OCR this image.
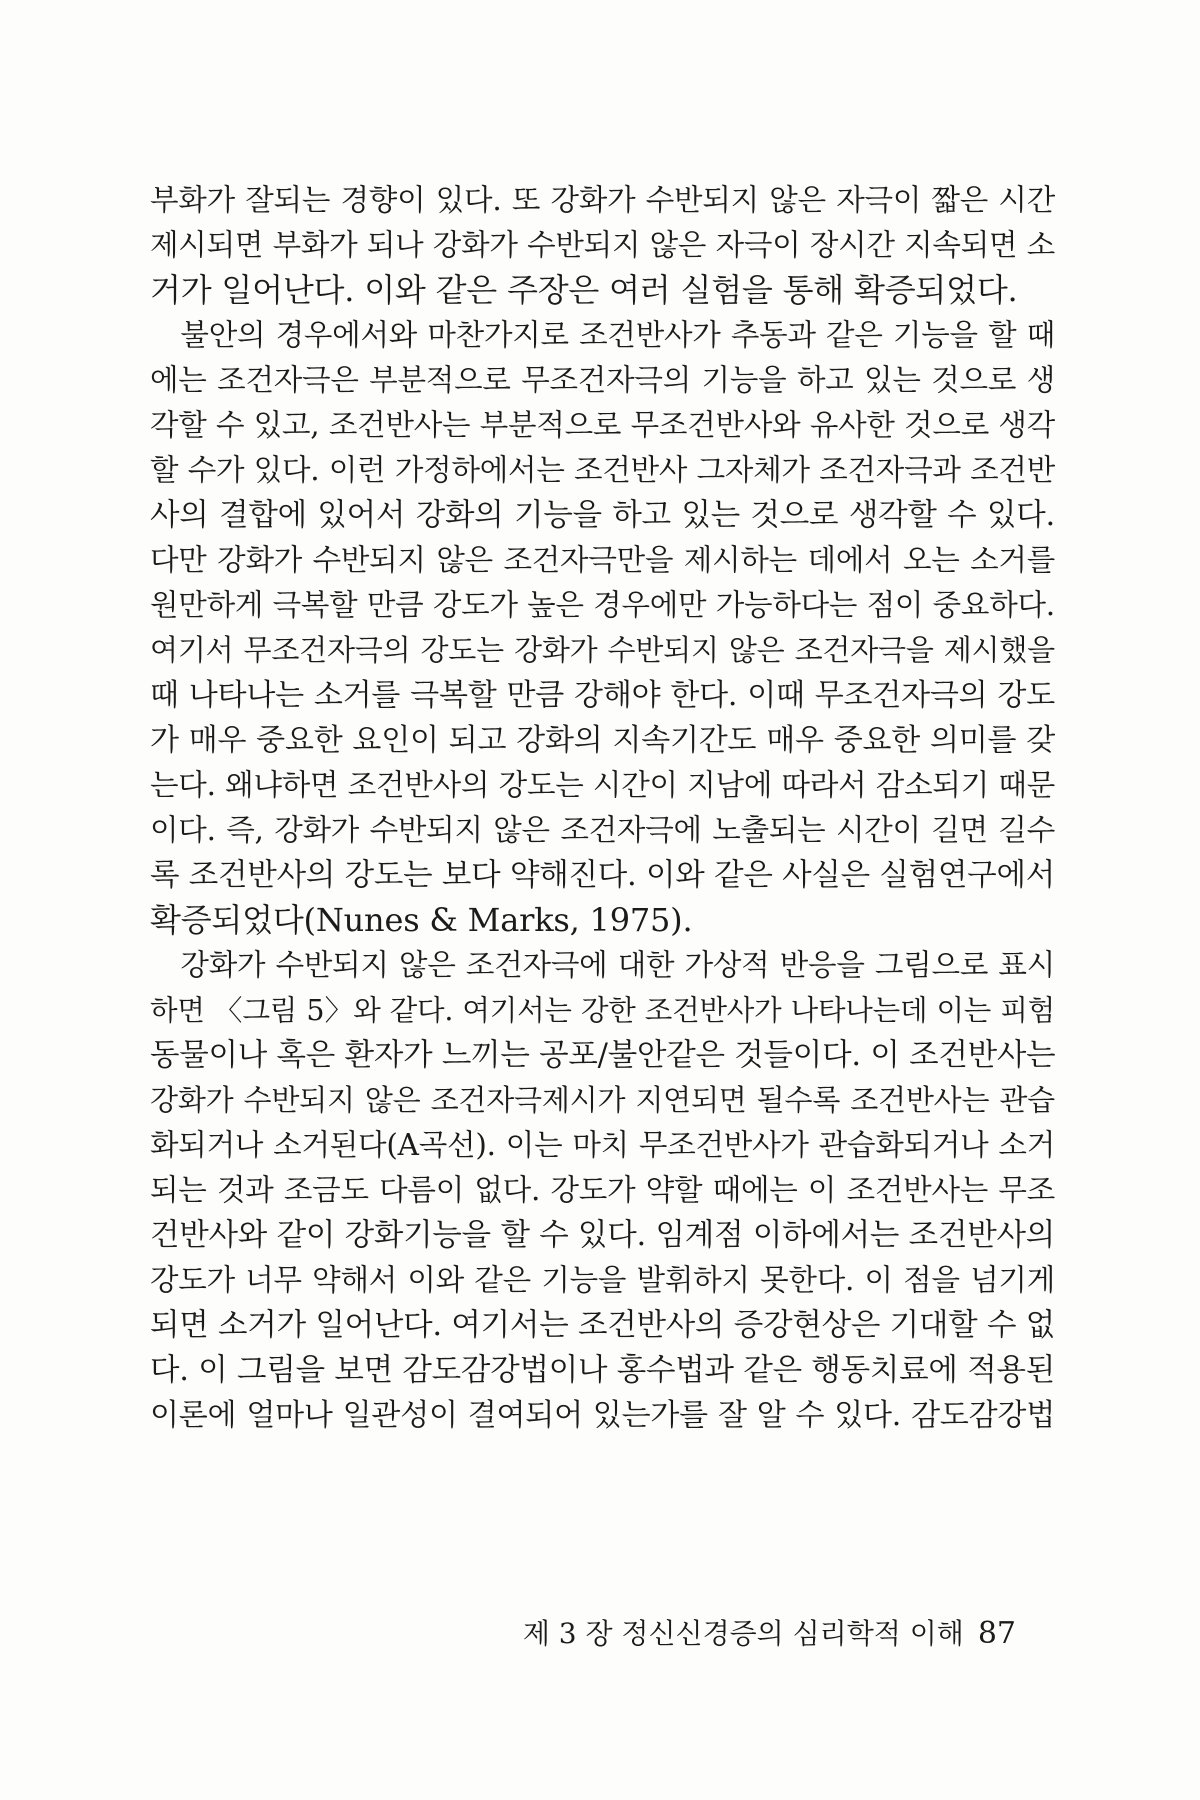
부화가 잘되는 경향이 있다. 또 강화가 수반되지 않은 자극이 짧은 시간
제시되면 부화가 되나 강화가 수반되지 않은 자극이 장시간 지속되면 소
거가 일어난다. 이와 같은 주장은 여러 실험을 통해 확증되었다.
　불안의 경우에서와 마찬가지로 조건반사가 추동과 같은 기능을 할 때
에는 조건자극은 부분적으로 무조건자극의 기능을 하고 있는 것으로 생
각할 수 있고, 조건반사는 부분적으로 무조건반사와 유사한 것으로 생각
할 수가 있다. 이런 가정하에서는 조건반사 그자체가 조건자극과 조건반
사의 결합에 있어서 강화의 기능을 하고 있는 것으로 생각할 수 있다.
다만 강화가 수반되지 않은 조건자극만을 제시하는 데에서 오는 소거를
원만하게 극복할 만큼 강도가 높은 경우에만 가능하다는 점이 중요하다.
여기서 무조건자극의 강도는 강화가 수반되지 않은 조건자극을 제시했을
때 나타나는 소거를 극복할 만큼 강해야 한다. 이때 무조건자극의 강도
가 매우 중요한 요인이 되고 강화의 지속기간도 매우 중요한 의미를 갖
는다. 왜냐하면 조건반사의 강도는 시간이 지남에 따라서 감소되기 때문
이다. 즉, 강화가 수반되지 않은 조건자극에 노출되는 시간이 길면 길수
록 조건반사의 강도는 보다 약해진다. 이와 같은 사실은 실험연구에서
확증되었다(Nunes & Marks, 1975).
　강화가 수반되지 않은 조건자극에 대한 가상적 반응을 그림으로 표시
하면 〈그림 5〉와 같다. 여기서는 강한 조건반사가 나타나는데 이는 피험
동물이나 혹은 환자가 느끼는 공포/불안같은 것들이다. 이 조건반사는
강화가 수반되지 않은 조건자극제시가 지연되면 될수록 조건반사는 관습
화되거나 소거된다(A곡선). 이는 마치 무조건반사가 관습화되거나 소거
되는 것과 조금도 다름이 없다. 강도가 약할 때에는 이 조건반사는 무조
건반사와 같이 강화기능을 할 수 있다. 임계점 이하에서는 조건반사의
강도가 너무 약해서 이와 같은 기능을 발휘하지 못한다. 이 점을 넘기게
되면 소거가 일어난다. 여기서는 조건반사의 증강현상은 기대할 수 없
다. 이 그림을 보면 감도감강법이나 홍수법과 같은 행동치료에 적용된
이론에 얼마나 일관성이 결여되어 있는가를 잘 알 수 있다. 감도감강법
제 3 장 정신신경증의 심리학적 이해 87
